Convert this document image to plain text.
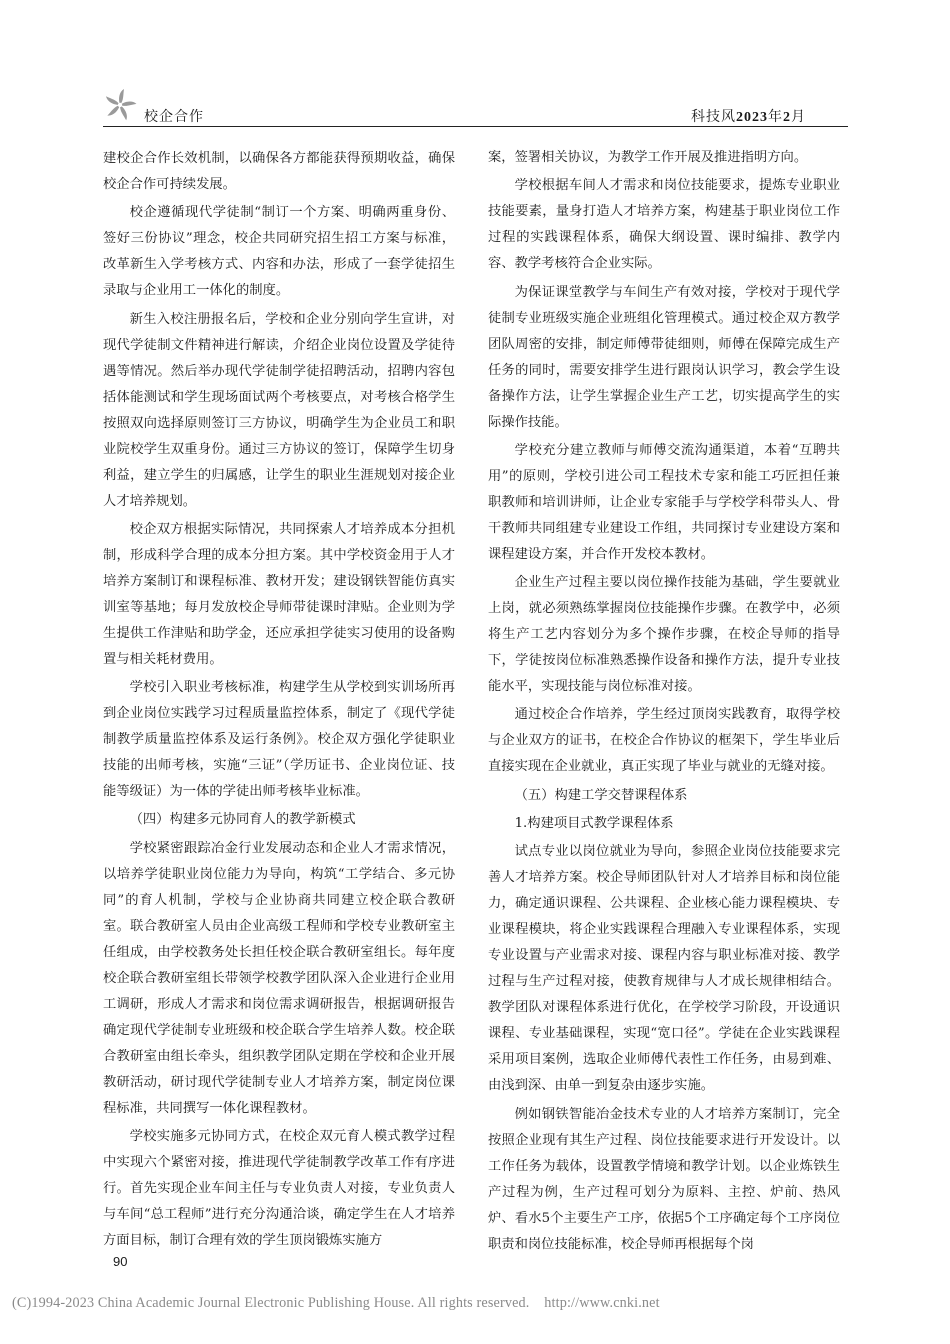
校企合作	科技风2023年2月

建校企合作长效机制，以确保各方都能获得预期收益，确保校企合作可持续发展。

校企遵循现代学徒制“制订一个方案、明确两重身份、签好三份协议”理念，校企共同研究招生招工方案与标准，改革新生入学考核方式、内容和办法，形成了一套学徒招生录取与企业用工一体化的制度。

新生入校注册报名后，学校和企业分别向学生宣讲，对现代学徒制文件精神进行解读，介绍企业岗位设置及学徒待遇等情况。然后举办现代学徒制学徒招聘活动，招聘内容包括体能测试和学生现场面试两个考核要点，对考核合格学生按照双向选择原则签订三方协议，明确学生为企业员工和职业院校学生双重身份。通过三方协议的签订，保障学生切身利益，建立学生的归属感，让学生的职业生涯规划对接企业人才培养规划。

校企双方根据实际情况，共同探索人才培养成本分担机制，形成科学合理的成本分担方案。其中学校资金用于人才培养方案制订和课程标准、教材开发；建设钢铁智能仿真实训室等基地；每月发放校企导师带徒课时津贴。企业则为学生提供工作津贴和助学金，还应承担学徒实习使用的设备购置与相关耗材费用。

学校引入职业考核标准，构建学生从学校到实训场所再到企业岗位实践学习过程质量监控体系，制定了《现代学徒制教学质量监控体系及运行条例》。校企双方强化学徒职业技能的出师考核，实施“三证”（学历证书、企业岗位证、技能等级证）为一体的学徒出师考核毕业标准。

（四）构建多元协同育人的教学新模式

学校紧密跟踪冶金行业发展动态和企业人才需求情况，以培养学徒职业岗位能力为导向，构筑“工学结合、多元协同”的育人机制，学校与企业协商共同建立校企联合教研室。联合教研室人员由企业高级工程师和学校专业教研室主任组成，由学校教务处长担任校企联合教研室组长。每年度校企联合教研室组长带领学校教学团队深入企业进行企业用工调研，形成人才需求和岗位需求调研报告，根据调研报告确定现代学徒制专业班级和校企联合学生培养人数。校企联合教研室由组长牵头，组织教学团队定期在学校和企业开展教研活动，研讨现代学徒制专业人才培养方案，制定岗位课程标准，共同撰写一体化课程教材。

学校实施多元协同方式，在校企双元育人模式教学过程中实现六个紧密对接，推进现代学徒制教学改革工作有序进行。首先实现企业车间主任与专业负责人对接，专业负责人与车间“总工程师”进行充分沟通洽谈，确定学生在人才培养方面目标，制订合理有效的学生顶岗锻炼实施方

案，签署相关协议，为教学工作开展及推进指明方向。

学校根据车间人才需求和岗位技能要求，提炼专业职业技能要素，量身打造人才培养方案，构建基于职业岗位工作过程的实践课程体系，确保大纲设置、课时编排、教学内容、教学考核符合企业实际。

为保证课堂教学与车间生产有效对接，学校对于现代学徒制专业班级实施企业班组化管理模式。通过校企双方教学团队周密的安排，制定师傅带徒细则，师傅在保障完成生产任务的同时，需要安排学生进行跟岗认识学习，教会学生设备操作方法，让学生掌握企业生产工艺，切实提高学生的实际操作技能。

学校充分建立教师与师傅交流沟通渠道，本着“互聘共用”的原则，学校引进公司工程技术专家和能工巧匠担任兼职教师和培训讲师，让企业专家能手与学校学科带头人、骨干教师共同组建专业建设工作组，共同探讨专业建设方案和课程建设方案，并合作开发校本教材。

企业生产过程主要以岗位操作技能为基础，学生要就业上岗，就必须熟练掌握岗位技能操作步骤。在教学中，必须将生产工艺内容划分为多个操作步骤，在校企导师的指导下，学徒按岗位标准熟悉操作设备和操作方法，提升专业技能水平，实现技能与岗位标准对接。

通过校企合作培养，学生经过顶岗实践教育，取得学校与企业双方的证书，在校企合作协议的框架下，学生毕业后直接实现在企业就业，真正实现了毕业与就业的无缝对接。

（五）构建工学交替课程体系

1.构建项目式教学课程体系

试点专业以岗位就业为导向，参照企业岗位技能要求完善人才培养方案。校企导师团队针对人才培养目标和岗位能力，确定通识课程、公共课程、企业核心能力课程模块、专业课程模块，将企业实践课程合理融入专业课程体系，实现专业设置与产业需求对接、课程内容与职业标准对接、教学过程与生产过程对接，使教育规律与人才成长规律相结合。教学团队对课程体系进行优化，在学校学习阶段，开设通识课程、专业基础课程，实现“宽口径”。学徒在企业实践课程采用项目案例，选取企业师傅代表性工作任务，由易到难、由浅到深、由单一到复杂由逐步实施。

例如钢铁智能冶金技术专业的人才培养方案制订，完全按照企业现有其生产过程、岗位技能要求进行开发设计。以工作任务为载体，设置教学情境和教学计划。以企业炼铁生产过程为例，生产过程可划分为原料、主控、炉前、热风炉、看水5个主要生产工序，依据5个工序确定每个工序岗位职责和岗位技能标准，校企导师再根据每个岗

90
(C)1994-2023 China Academic Journal Electronic Publishing House. All rights reserved.    http://www.cnki.net
